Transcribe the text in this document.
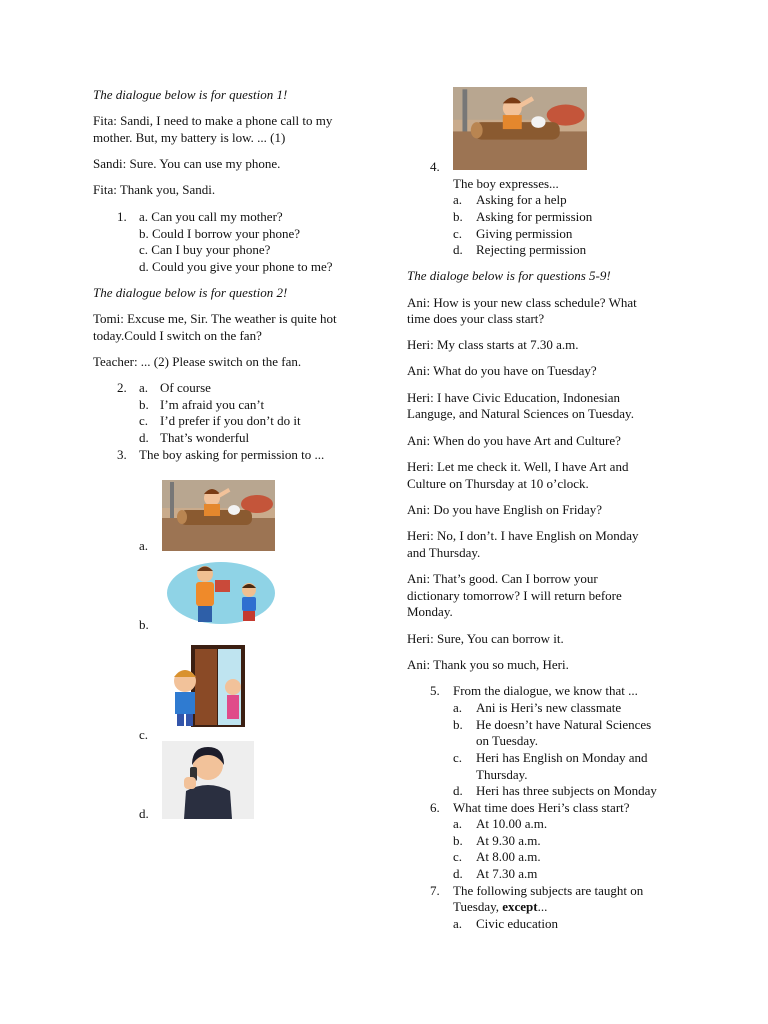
The dialogue below is for question 1!
Fita: Sandi, I need to make a phone call to my
mother. But, my battery is low. ... (1)
Sandi: Sure. You can use my phone.
Fita: Thank you, Sandi.
1. a. Can you call my mother?
b. Could I borrow your phone?
c. Can I buy your phone?
d. Could you give your phone to me?
The dialogue below is for question 2!
Tomi: Excuse me, Sir. The weather is quite hot
today.Could I switch on the fan?
Teacher: ... (2) Please switch on the fan.
2. a. Of course
b. I’m afraid you can’t
c. I’d prefer if you don’t do it
d. That’s wonderful
3. The boy asking for permission to ...
a.
b.
c.
d.
4.
The boy expresses...
a. Asking for a help
b. Asking for permission
c. Giving permission
d. Rejecting permission
The dialoge below is for questions 5-9!
Ani: How is your new class schedule? What
time does your class start?
Heri: My class starts at 7.30 a.m.
Ani: What do you have on Tuesday?
Heri: I have Civic Education, Indonesian
Languge, and Natural Sciences on Tuesday.
Ani: When do you have Art and Culture?
Heri: Let me check it. Well, I have Art and
Culture on Thursday at 10 o’clock.
Ani: Do you have English on Friday?
Heri: No, I don’t. I have English on Monday
and Thursday.
Ani: That’s good. Can I borrow your
dictionary tomorrow? I will return before
Monday.
Heri: Sure, You can borrow it.
Ani: Thank you so much, Heri.
5. From the dialogue, we know that ...
a. Ani is Heri’s new classmate
b. He doesn’t have Natural Sciences
on Tuesday.
c. Heri has English on Monday and
Thursday.
d. Heri has three subjects on Monday
6. What time does Heri’s class start?
a. At 10.00 a.m.
b. At 9.30 a.m.
c. At 8.00 a.m.
d. At 7.30 a.m
7. The following subjects are taught on
Tuesday, except...
a. Civic education
